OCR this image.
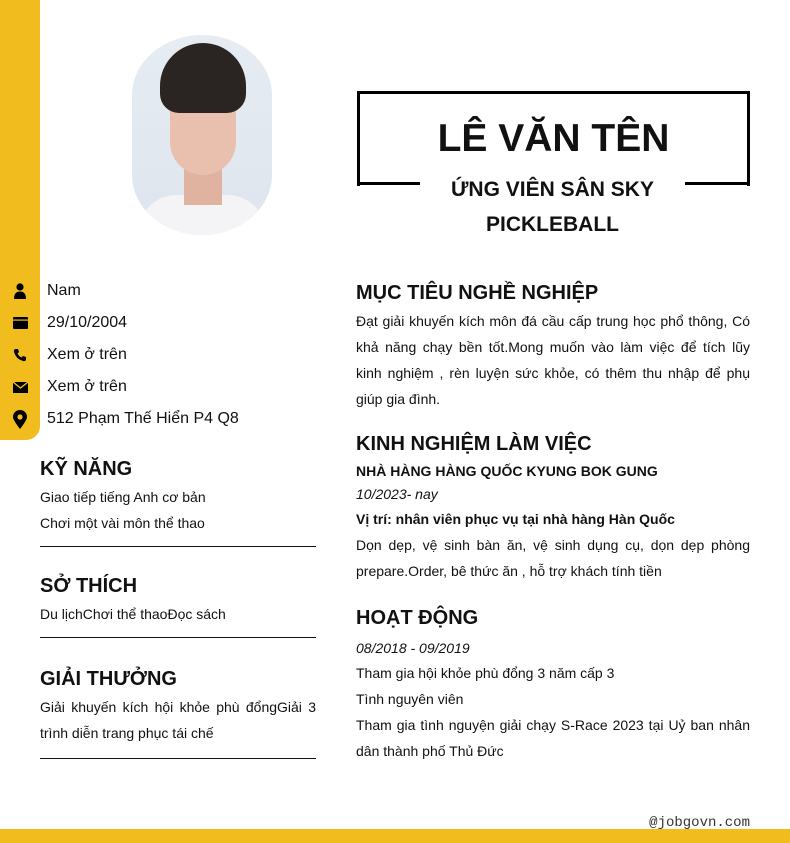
LÊ VĂN TÊN
ỨNG VIÊN SÂN SKY
PICKLEBALL
Nam
29/10/2004
Xem ở trên
Xem ở trên
512 Phạm Thế Hiển P4 Q8
KỸ NĂNG
Giao tiếp tiếng Anh cơ bản
Chơi một vài môn thể thao
SỞ THÍCH
Du lịchChơi thể thaoĐọc sách
GIẢI THƯỞNG
Giải khuyến kích hội khỏe phù đổngGiải 3 trình diễn trang phục tái chế
MỤC TIÊU NGHỀ NGHIỆP
Đạt giải khuyến kích môn đá cầu cấp trung học phổ thông, Có khả năng chạy bền tốt.Mong muốn vào làm việc để tích lũy kinh nghiệm , rèn luyện sức khỏe, có thêm thu nhập để phụ giúp gia đình.
KINH NGHIỆM LÀM VIỆC
NHÀ HÀNG HÀNG QUỐC KYUNG BOK GUNG
10/2023- nay
Vị trí: nhân viên phục vụ tại nhà hàng Hàn Quốc
Dọn dẹp, vệ sinh bàn ăn, vệ sinh dụng cụ, dọn dẹp phòng prepare.Order, bê thức ăn , hỗ trợ khách tính tiền
HOẠT ĐỘNG
08/2018 - 09/2019
Tham gia hội khỏe phù đổng 3 năm cấp 3
Tình nguyên viên
Tham gia tình nguyện giải chạy S-Race 2023 tại Uỷ ban nhân dân thành phố Thủ Đức
@jobgovn.com
